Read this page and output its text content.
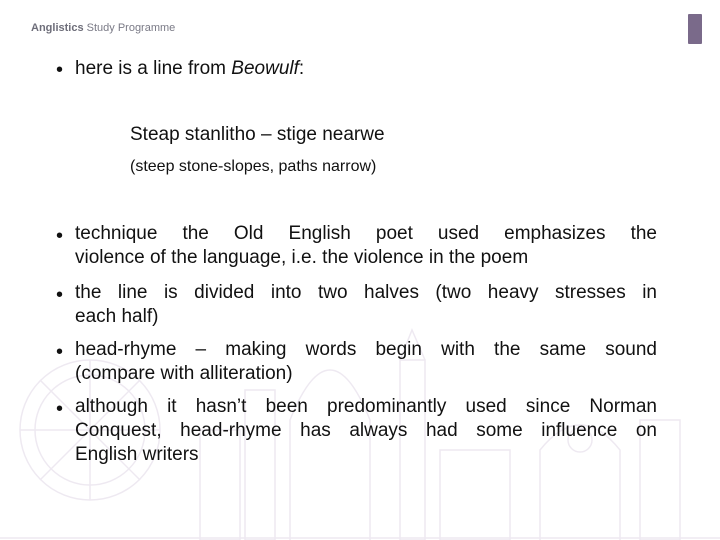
Anglistics Study Programme
• here is a line from Beowulf:
Steap stanlitho – stige nearwe
(steep stone-slopes, paths narrow)
• technique the Old English poet used emphasizes the
violence of the language, i.e. the violence in the poem
• the line is divided into two halves (two heavy stresses in
each half)
• head-rhyme – making words begin with the same sound
(compare with alliteration)
• although it hasn’t been predominantly used since Norman
Conquest, head-rhyme has always had some influence on
English writers
